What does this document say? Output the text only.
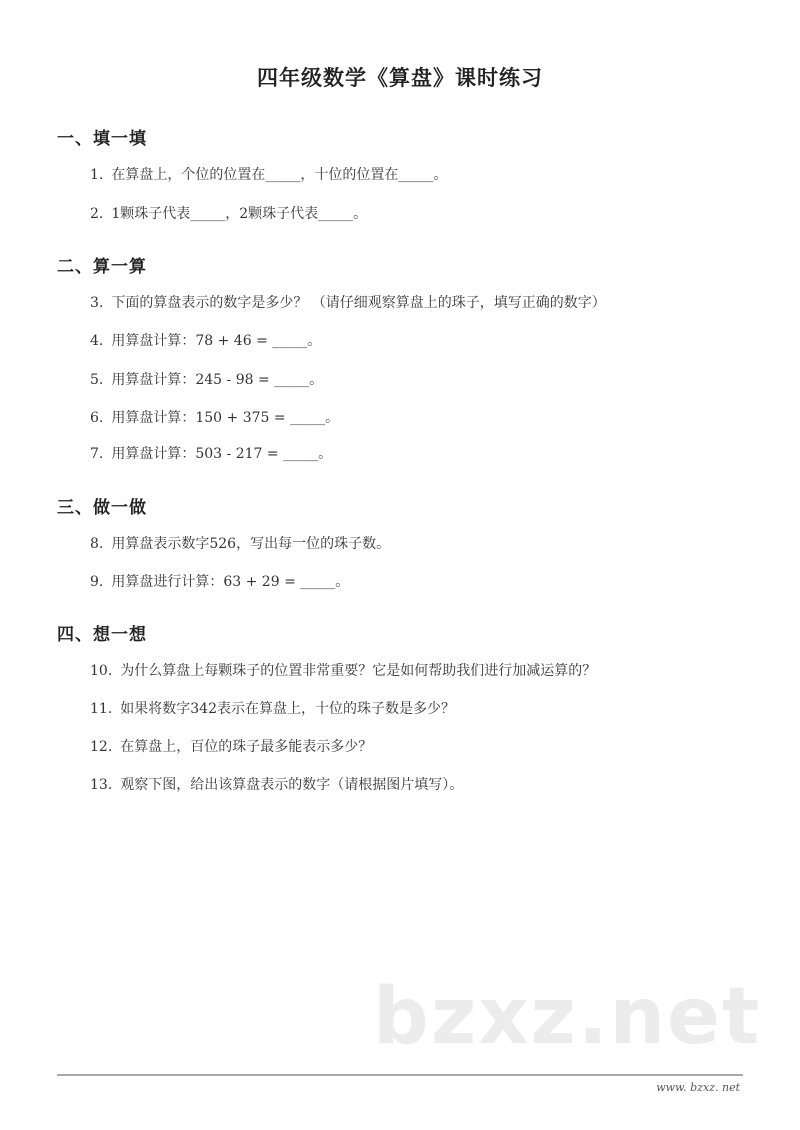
四年级数学《算盘》课时练习
一、填一填
1. 在算盘上，个位的位置在_____，十位的位置在_____。
2. 1颗珠子代表_____，2颗珠子代表_____。
二、算一算
3. 下面的算盘表示的数字是多少？ （请仔细观察算盘上的珠子，填写正确的数字）
4. 用算盘计算：78 + 46 = _____。
5. 用算盘计算：245 - 98 = _____。
6. 用算盘计算：150 + 375 = _____。
7. 用算盘计算：503 - 217 = _____。
三、做一做
8. 用算盘表示数字526，写出每一位的珠子数。
9. 用算盘进行计算：63 + 29 = _____。
四、想一想
10. 为什么算盘上每颗珠子的位置非常重要？它是如何帮助我们进行加减运算的？
11. 如果将数字342表示在算盘上，十位的珠子数是多少？
12. 在算盘上，百位的珠子最多能表示多少？
13. 观察下图，给出该算盘表示的数字（请根据图片填写）。
bzxz.net
www. bzxz. net
